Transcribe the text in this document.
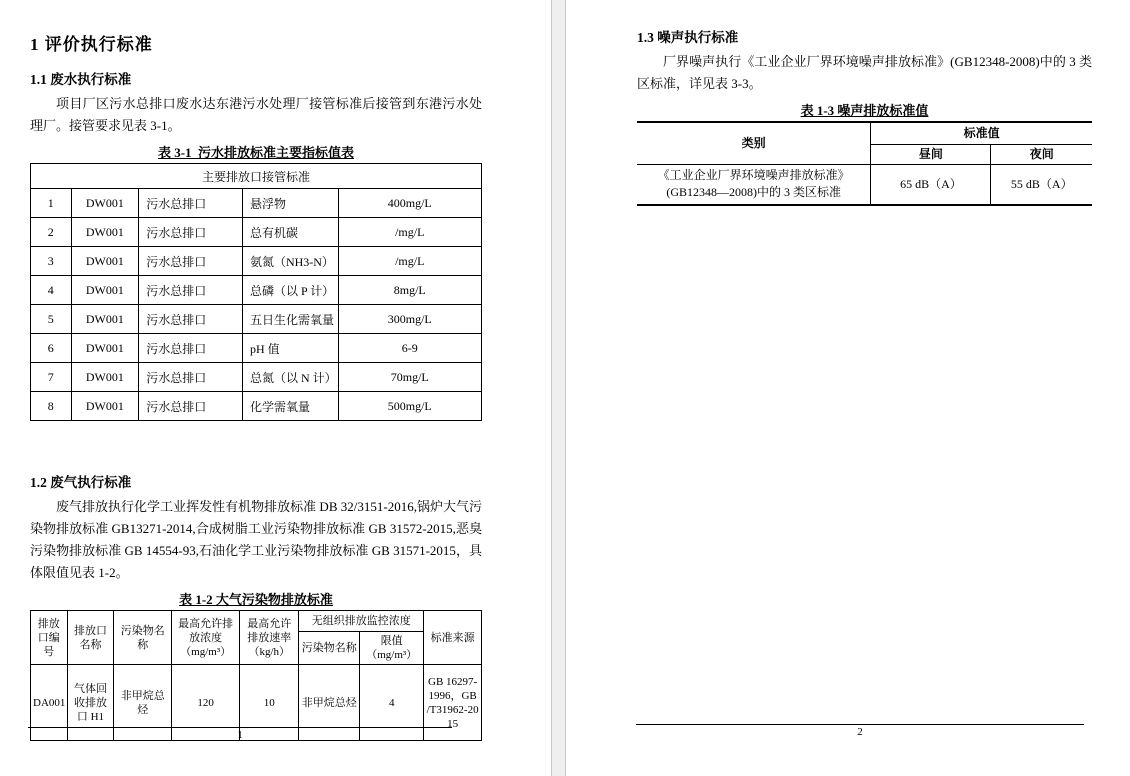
1 评价执行标准
1.1 废水执行标准
项目厂区污水总排口废水达东港污水处理厂接管标准后接管到东港污水处理厂。接管要求见表 3-1。
表 3-1  污水排放标准主要指标值表
主要排放口接管标准				
1	DW001	污水总排口	悬浮物	400mg/L
2	DW001	污水总排口	总有机碳	/mg/L
3	DW001	污水总排口	氨氮（NH3-N）	/mg/L
4	DW001	污水总排口	总磷（以 P 计）	8mg/L
5	DW001	污水总排口	五日生化需氧量	300mg/L
6	DW001	污水总排口	pH 值	6-9
7	DW001	污水总排口	总氮（以 N 计）	70mg/L
8	DW001	污水总排口	化学需氧量	500mg/L
1.2 废气执行标准
废气排放执行化学工业挥发性有机物排放标准 DB 32/3151-2016,锅炉大气污染物排放标准 GB13271-2014,合成树脂工业污染物排放标准 GB 31572-2015,恶臭污染物排放标准 GB 14554-93,石油化学工业污染物排放标准 GB 31571-2015，具体限值见表 1-2。
表 1-2 大气污染物排放标准
排放口编号	排放口名称	污染物名称	最高允许排放浓度（mg/m³）	最高允许排放速率（kg/h）	无组织排放监控浓度		标准来源
					污染物名称	限值（mg/m³）	
DA001	气体回收排放口 H1	非甲烷总烃	120	10	非甲烷总烃	4	GB 16297-1996，GB /T31962-2015
1
1.3 噪声执行标准
厂界噪声执行《工业企业厂界环境噪声排放标准》(GB12348-2008)中的 3 类区标准，详见表 3-3。
表 1-3 噪声排放标准值
类别	标准值	
	昼间	夜间
《工业企业厂界环境噪声排放标准》(GB12348—2008)中的 3 类区标准	65 dB（A）	55 dB（A）
2
